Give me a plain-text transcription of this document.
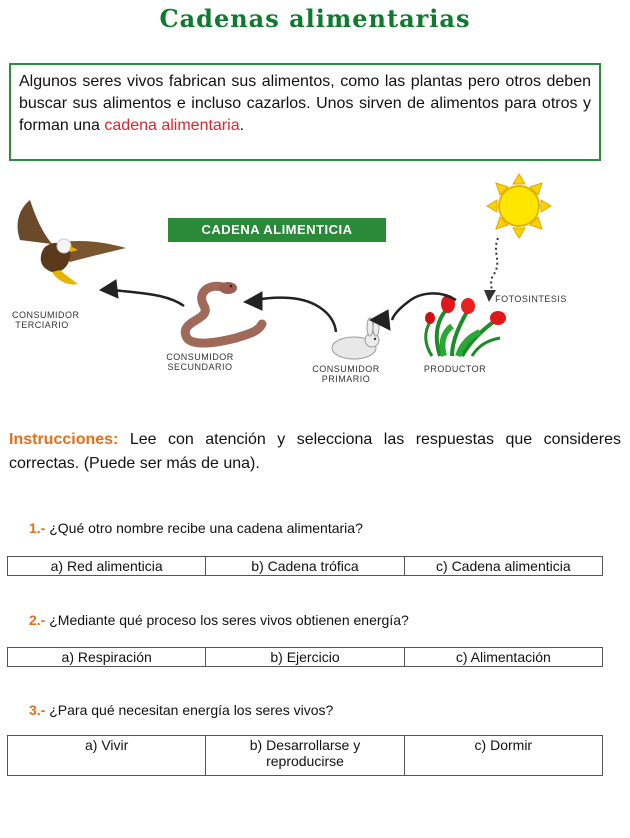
Cadenas alimentarias
Algunos seres vivos fabrican sus alimentos, como las plantas pero otros deben buscar sus alimentos e incluso cazarlos. Unos sirven de alimentos para otros y forman una cadena alimentaria.
CADENA ALIMENTICIA
CONSUMIDOR
TERCIARIO
CONSUMIDOR
SECUNDARIO	CONSUMIDOR
PRIMARIO
PRODUCTOR
FOTOSINTESIS
Instrucciones: Lee con atención y selecciona las respuestas que consideres correctas. (Puede ser más de una).
1.- ¿Qué otro nombre recibe una cadena alimentaria?
a) Red alimenticia	b) Cadena trófica	c) Cadena alimenticia
2.- ¿Mediante qué proceso los seres vivos obtienen energía?
a) Respiración	b) Ejercicio	c) Alimentación
3.- ¿Para qué necesitan energía los seres vivos?
a) Vivir	b) Desarrollarse y reproducirse	c) Dormir
